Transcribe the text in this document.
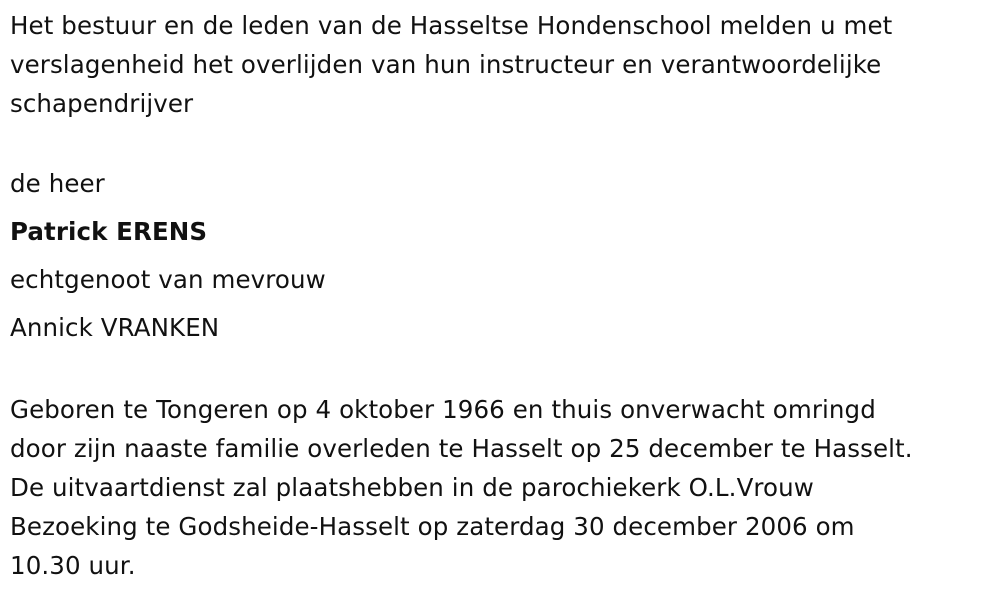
Het bestuur en de leden van de Hasseltse Hondenschool melden u met
verslagenheid het overlijden van hun instructeur en verantwoordelijke
schapendrijver
de heer
Patrick ERENS
echtgenoot van mevrouw
Annick VRANKEN
Geboren te Tongeren op 4 oktober 1966 en thuis onverwacht omringd
door zijn naaste familie overleden te Hasselt op 25 december te Hasselt.
De uitvaartdienst zal plaatshebben in de parochiekerk O.L.Vrouw
Bezoeking te Godsheide-Hasselt op zaterdag 30 december 2006 om
10.30 uur.
